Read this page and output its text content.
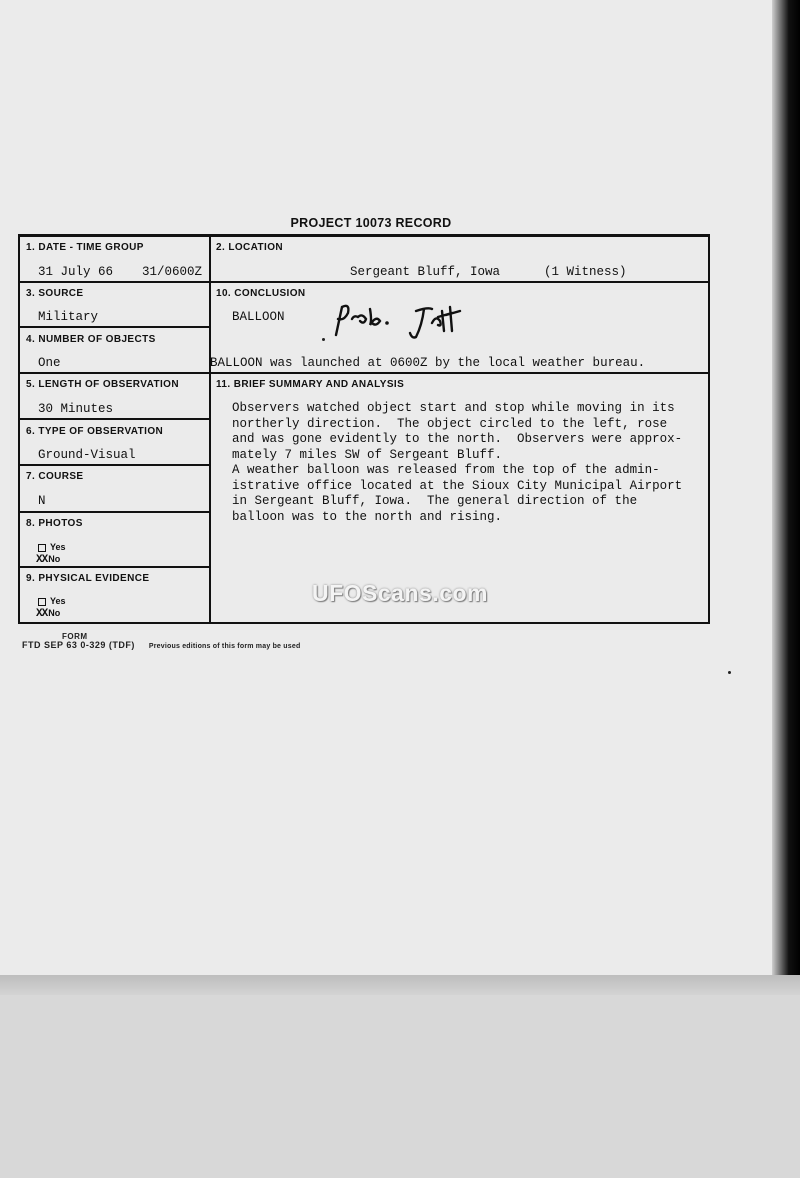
PROJECT 10073 RECORD
1. DATE - TIME GROUP
31 July 66 31/0600Z
2. LOCATION
Sergeant Bluff, Iowa	(1 Witness)
3. SOURCE
Military
10. CONCLUSION
BALLOON
BALLOON was launched at 0600Z by the local weather bureau.
4. NUMBER OF OBJECTS
One
5. LENGTH OF OBSERVATION
30 Minutes
11. BRIEF SUMMARY AND ANALYSIS
Observers watched object start and stop while moving in its
northerly direction.  The object circled to the left, rose
and was gone evidently to the north.  Observers were approx-
mately 7 miles SW of Sergeant Bluff.
A weather balloon was released from the top of the admin-
istrative office located at the Sioux City Municipal Airport
in Sergeant Bluff, Iowa.  The general direction of the
balloon was to the north and rising.
6. TYPE OF OBSERVATION
Ground-Visual
7. COURSE
N
8. PHOTOS
Yes
XXNo
9. PHYSICAL EVIDENCE
Yes
XXNo
FORM
FTD SEP 63 0-329 (TDF) Previous editions of this form may be used
UFOScans.com
